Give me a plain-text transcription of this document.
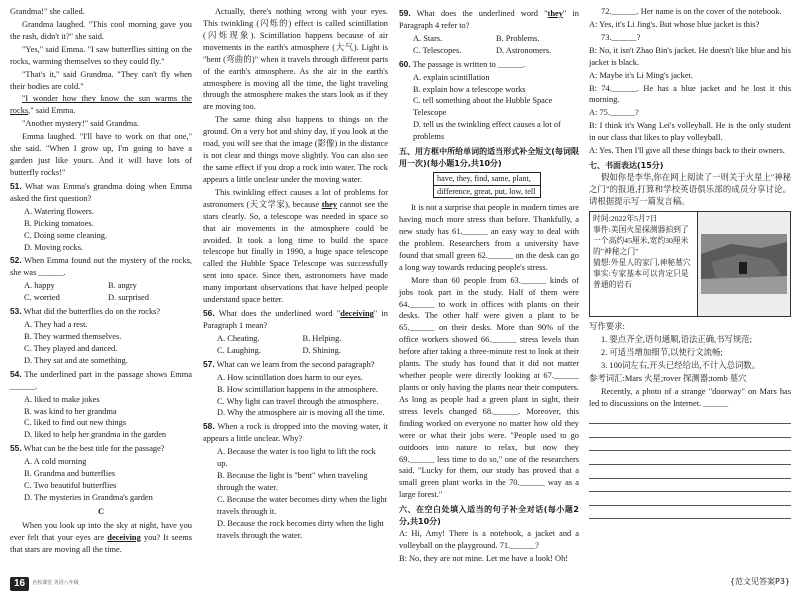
Grandma!" she called.

Grandma laughed. "This cool morning gave you the rash, didn't it?" she said.

"Yes," said Emma. "I saw butterflies sitting on the rocks, warming themselves so they could fly."

"That's it," said Grandma. "They can't fly when their bodies are cold."

"I wonder how they know the sun warms the rocks," said Emma.

"Another mystery!" said Grandma.

Emma laughed. "I'll have to work on that one," she said. "When I grow up, I'm going to have a garden just like yours. And it will have lots of butterfly rocks!"

51. What was Emma's grandma doing when Emma asked the first question?

A. Watering flowers.
B. Picking tomatoes.
C. Doing some cleaning.
D. Moving rocks.

52. When Emma found out the mystery of the rocks, she was ______.

A. happy	B. angry
C. worried	D. surprised

53. What did the butterflies do on the rocks?

A. They had a rest.
B. They warmed themselves.
C. They played and danced.
D. They sat and ate something.

54. The underlined part in the passage shows Emma ______.

A. liked to make jokes
B. was kind to her grandma
C. liked to find out new things
D. liked to help her grandma in the garden

55. What can be the best title for the passage?

A. A cold morning
B. Grandma and butterflies
C. Two beautiful butterflies
D. The mysteries in Grandma's garden
C

When you look up into the sky at night, have you ever felt that your eyes are deceiving you? It seems that stars are moving all the time.

Actually, there's nothing wrong with your eyes. This twinkling (闪烁的) effect is called scintillation (闪烁现象). Scintillation happens because of air movements in the earth's atmosphere (大气). Light is "bent (弯曲的)" when it travels through different parts of the earth's atmosphere. As the air in the earth's atmosphere is moving all the time, the light traveling through the atmosphere makes the stars look as if they are moving too.

The same thing also happens to things on the ground. On a very hot and shiny day, if you look at the road, you will see that the image (影像) in the distance is not clear and things move slightly. You can also see the same effect if you drop a rock into water. The rock appears a little unclear under the moving water.

This twinkling effect causes a lot of problems for astronomers (天文学家), because they cannot see the stars clearly. So, a telescope was needed in space so that air movements in the atmosphere could be avoided. It took a long time to build the space telescope but finally in 1990, a huge space telescope called the Hubble Space Telescope was successfully sent into space. Since then, astronomers have made many important observations that have helped people understand space better.

56. What does the underlined word "deceiving" in Paragraph 1 mean?

A. Cheating.	B. Helping.
C. Laughing.	D. Shining.

57. What can we learn from the second paragraph?

A. How scintillation does harm to our eyes.
B. How scintillation happens in the atmosphere.
C. Why light can travel through the atmosphere.
D. Why the atmosphere air is moving all the time.

58. When a rock is dropped into the moving water, it appears a little unclear. Why?

A. Because the water is too light to lift the rock up.
B. Because the light is "bent" when traveling through the water.
C. Because the water becomes dirty when the light travels through it.
D. Because the rock becomes dirty when the light travels through the water.

59. What does the underlined word "they" in Paragraph 4 refer to?

A. Stars.	B. Problems.
C. Telescopes.	D. Astronomers.

60. The passage is written to ______.

A. explain scintillation
B. explain how a telescope works
C. tell something about the Hubble Space Telescope
D. tell us the twinkling effect causes a lot of problems

五、用方框中所给单词的适当形式补全短文(每词限用一次)(每小题1分,共10分)

have, they, find, same, plant,
difference, great, put, low, tell

It is not a surprise that people in modern times are having much more stress than before. Thankfully, a new study has 61.______ an easy way to deal with the problem. Researchers from a university have found that small green 62.______ on the desk can go a long way towards reducing people's stress.

More than 60 people from 63.______ kinds of jobs took part in the study. Half of them were 64.______ to work in offices with plants on their desks. The other half were given a plant to be 65.______ on their desks. More than 90% of the office workers showed 66.______ stress levels than before after taking a three-minute rest to look at their plants. The study has found that it did not matter whether people were directly looking at 67.______ plants or only having the plants near their computers. As long as people had a green plant in sight, their stress levels changed 68.______. Moreover, this finding worked on everyone no matter how old they were or what their jobs were. "People used to go outdoors into nature to relax, but now they 69.______ less time to do so," one of the researchers said. "Lucky for them, our study has proved that a small green plant works in the 70.______ way as a large forest."

六、在空白处填入适当的句子补全对话(每小题2分,共10分)

A: Hi, Amy! There is a notebook, a jacket and a volleyball on the playground. 71.______?

B: No, they are not mine. Let me have a look! Oh!

72.______. Her name is on the cover of the notebook.

A: Yes, it's Li Jing's. But whose blue jacket is this?

73.______?

B: No, it isn't Zhao Bin's jacket. He doesn't like blue and his jacket is black.

A: Maybe it's Li Ming's jacket.

B: 74.______. He has a blue jacket and he lost it this morning.

A: 75.______?

B: I think it's Wang Lei's volleyball. He is the only student in our class that likes to play volleyball.

A: Yes. Then I'll give all these things back to their owners.

七、书面表达(15分)

假如你是李华,你在网上阅读了一则关于火星上"神秘之门"的报道,打算和学校英语俱乐部的成员分享讨论。请根据提示写一篇发言稿。

时间:2022年5月7日
事件:美国火星探测器拍到了一个高约45厘米,宽约30厘米的"神秘之门"
猜想:外星人的家门,神秘墓穴
事实:专家基本可以肯定只是普通的岩石

写作要求:

1. 要点齐全,语句通顺,语法正确,书写规范;

2. 可适当增加细节,以使行文流畅;

3. 100词左右,开头已经给出,不计入总词数。

参考词汇:Mars 火星;rover 探测器;tomb 墓穴

Recently, a photo of a strange "doorway" on Mars has led to discussions on the Internet. ______

{范文见答案P3}
16	名校课堂 英语八年级
